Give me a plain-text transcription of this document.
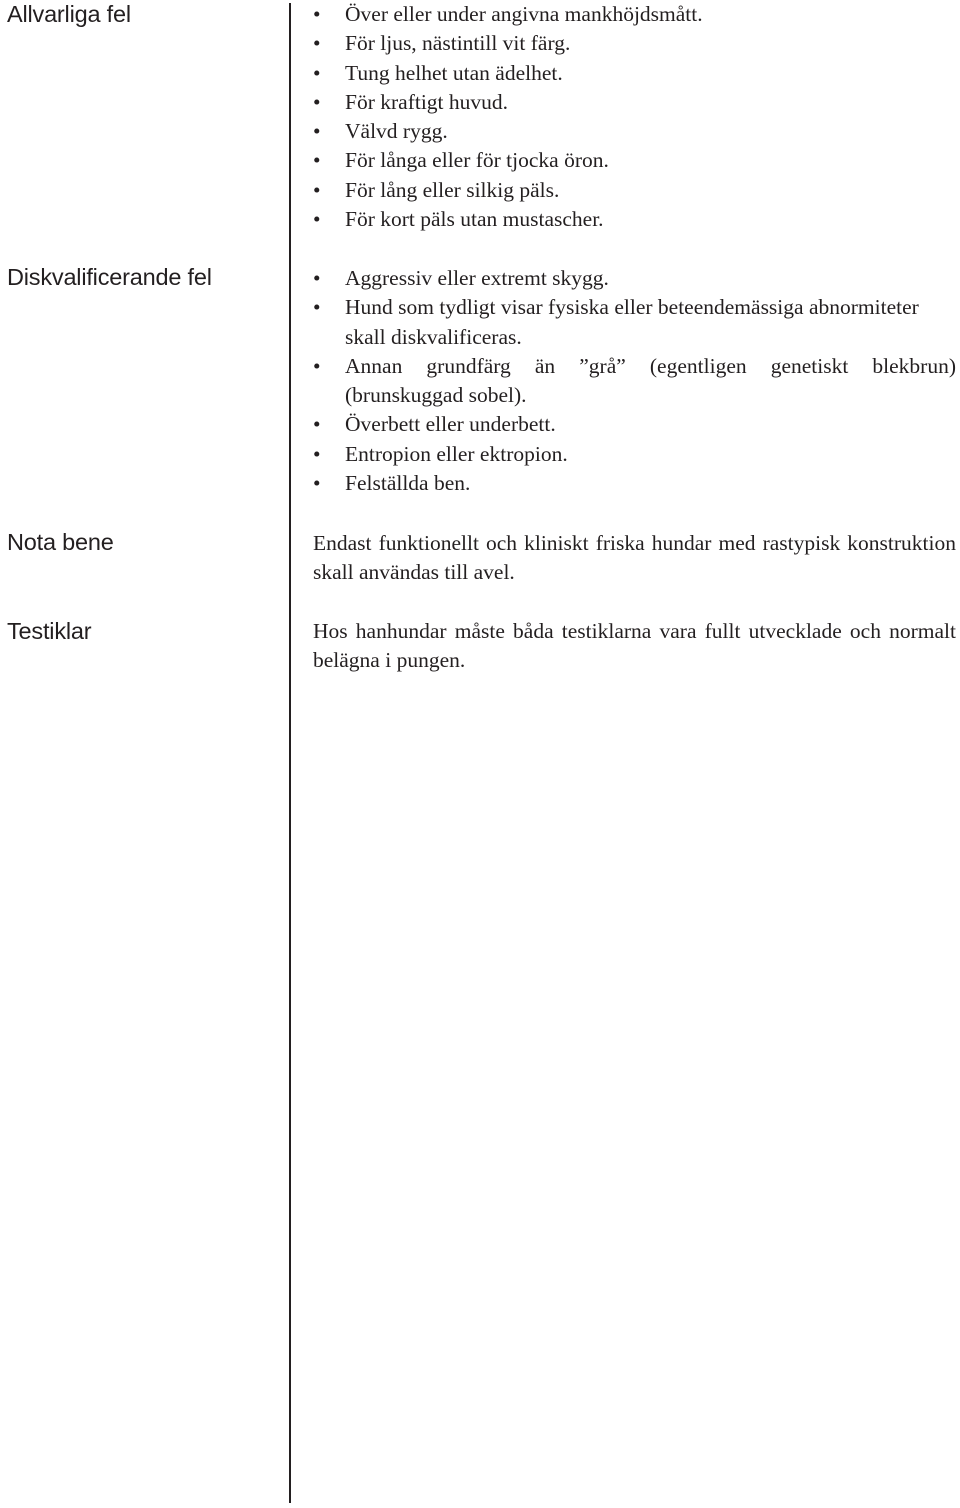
Allvarliga fel	• Över eller under angivna mankhöjdsmått.
• För ljus, nästintill vit färg.
• Tung helhet utan ädelhet.
• För kraftigt huvud.
• Välvd rygg.
• För långa eller för tjocka öron.
• För lång eller silkig päls.
• För kort päls utan mustascher.
Diskvalificerande fel	• Aggressiv eller extremt skygg.
• Hund som tydligt visar fysiska eller beteendemässiga abnormiteter skall diskvalificeras.
• Annan grundfärg än ”grå” (egentligen genetiskt blekbrun) (brunskuggad sobel).
• Överbett eller underbett.
• Entropion eller ektropion.
• Felställda ben.
Nota bene	Endast funktionellt och kliniskt friska hundar med rastypisk konstruktion skall användas till avel.

Testiklar	Hos hanhundar måste båda testiklarna vara fullt utvecklade och normalt belägna i pungen.
